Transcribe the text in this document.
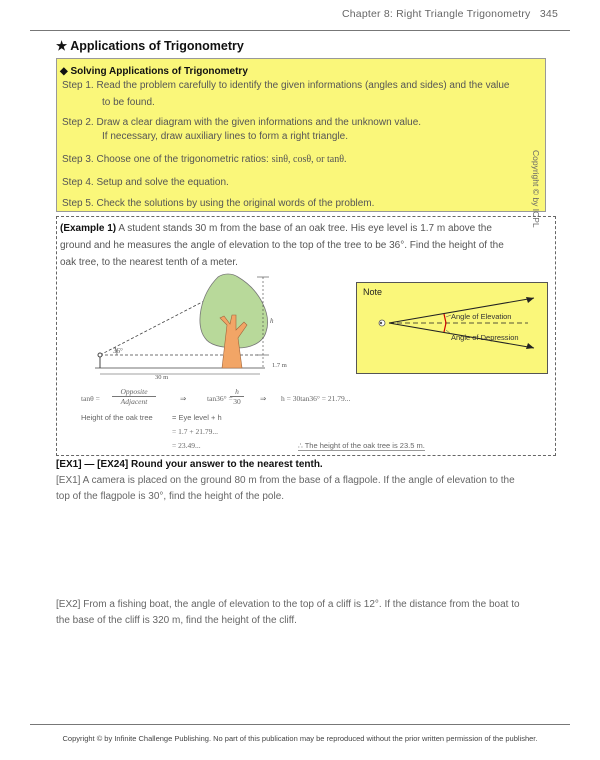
Chapter 8: Right Triangle Trigonometry 345
★ Applications of Trigonometry
◆ Solving Applications of Trigonometry
Step 1. Read the problem carefully to identify the given informations (angles and sides) and the value
to be found.
Step 2. Draw a clear diagram with the given informations and the unknown value.
If necessary, draw auxiliary lines to form a right triangle.
Step 3. Choose one of the trigonometric ratios: sinθ, cosθ, or tanθ.
Step 4. Setup and solve the equation.
Step 5. Check the solutions by using the original words of the problem.	Copyright © by ICPL
(Example 1) A student stands 30 m from the base of an oak tree. His eye level is 1.7 m above the
ground and he measures the angle of elevation to the top of the tree to be 36°. Find the height of the
oak tree, to the nearest tenth of a meter.
36°
30 m
h
1.7 m
Note
Angle of Elevation
Angle of Depression
tanθ =
Opposite
Adjacent	⇒	tan36° =
$\frac{h}{30}$ ⇒ h = 30tan36° = 21.79...
Height of the oak tree	= Eye level + h
= 1.7 + 21.79...
= 23.49...	∴ The height of the oak tree is 23.5 m.
[EX1] — [EX24] Round your answer to the nearest tenth.
[EX1] A camera is placed on the ground 80 m from the base of a flagpole. If the angle of elevation to the
top of the flagpole is 30°, find the height of the pole.
[EX2] From a fishing boat, the angle of elevation to the top of a cliff is 12°. If the distance from the boat to
the base of the cliff is 320 m, find the height of the cliff.
Copyright © by Infinite Challenge Publishing. No part of this publication may be reproduced without the prior written permission of the publisher.
